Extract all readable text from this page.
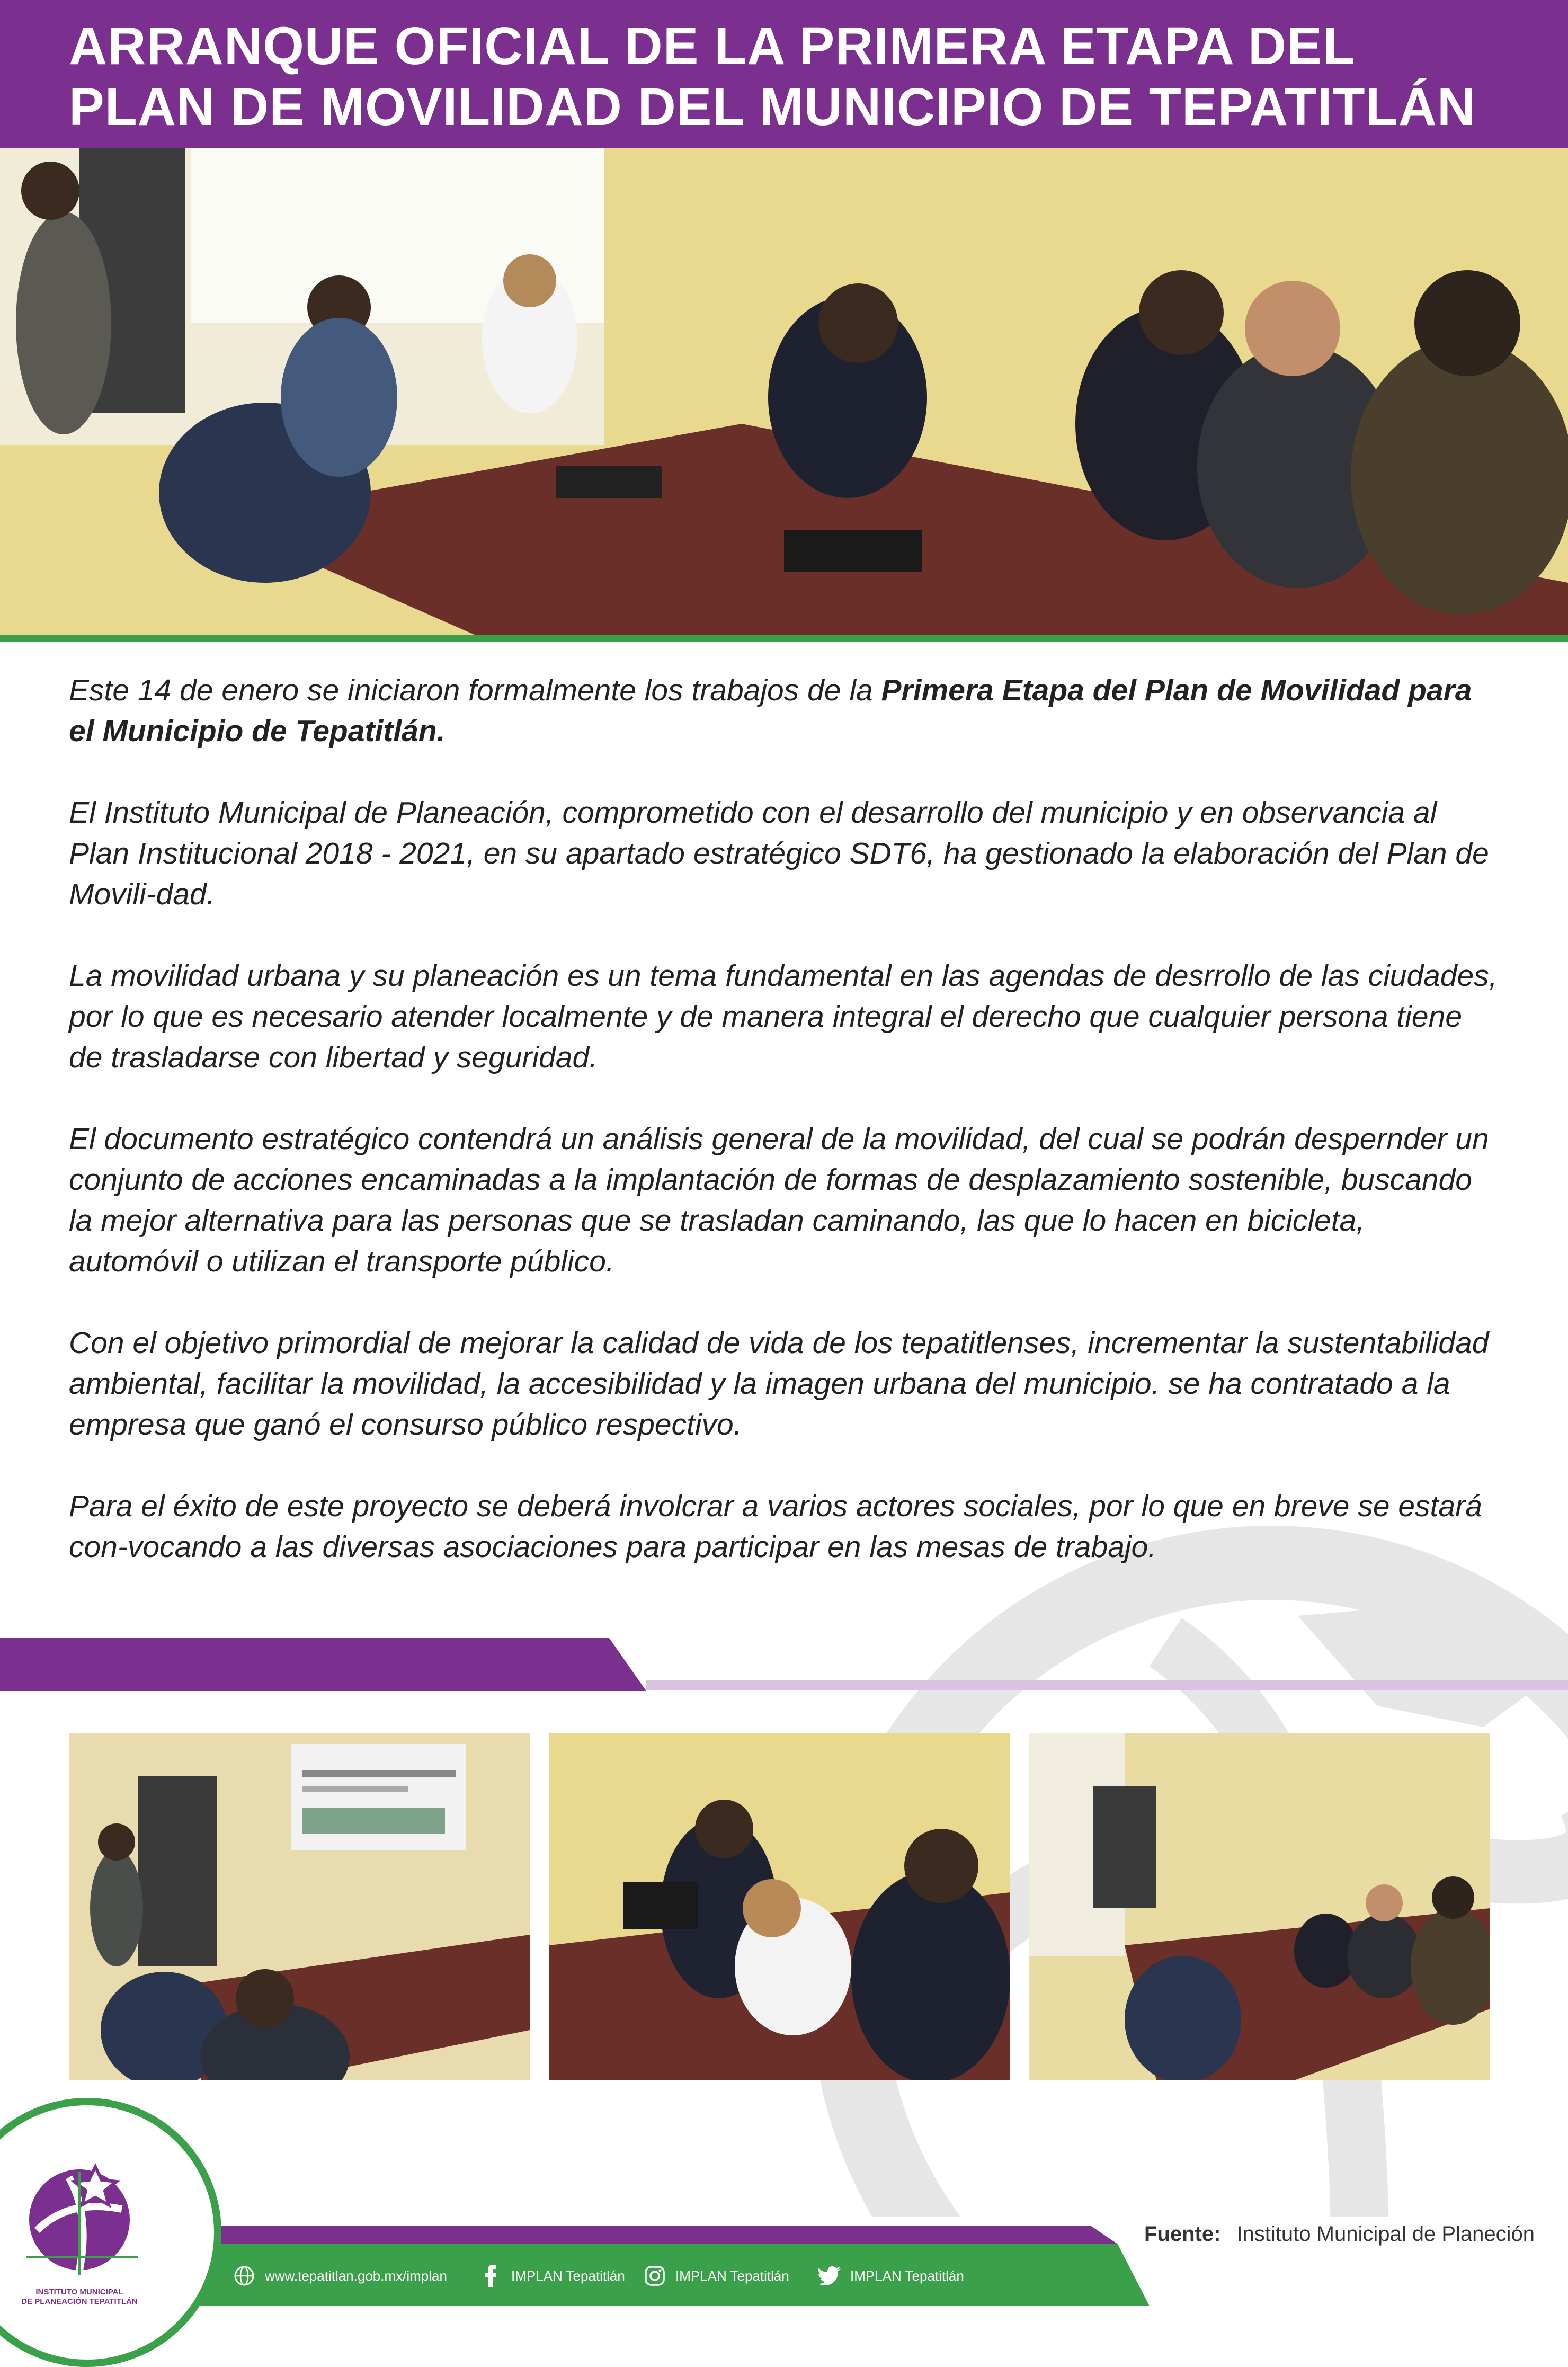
ARRANQUE OFICIAL DE LA PRIMERA ETAPA DEL
PLAN DE MOVILIDAD DEL MUNICIPIO DE TEPATITLÁN

Este 14 de enero se iniciaron formalmente los trabajos de la Primera Etapa del Plan de Movilidad para el Municipio de Tepatitlán.

El Instituto Municipal de Planeación, comprometido con el desarrollo del municipio y en observancia al Plan Institucional 2018 - 2021, en su apartado estratégico SDT6, ha gestionado la elaboración del Plan de Movili-dad.

La movilidad urbana y su planeación es un tema fundamental en las agendas de desrrollo de las ciudades, por lo que es necesario atender localmente y de manera integral el derecho que cualquier persona tiene de trasladarse con libertad y seguridad.

El documento estratégico contendrá un análisis general de la movilidad, del cual se podrán despernder un conjunto de acciones encaminadas a la implantación de formas de desplazamiento sostenible, buscando la mejor alternativa para las personas que se trasladan caminando, las que lo hacen en bicicleta, automóvil o utilizan el transporte público.

Con el objetivo primordial de mejorar la calidad de vida de los tepatitlenses, incrementar la sustentabilidad ambiental, facilitar la movilidad, la accesibilidad y la imagen urbana del municipio. se ha contratado a la empresa que ganó el consurso público respectivo.

Para el éxito de este proyecto se deberá involcrar a varios actores sociales, por lo que en breve se estará con-vocando a las diversas asociaciones para participar en las mesas de trabajo.

www.tepatitlan.gob.mx/implan	IMPLAN Tepatitlán	IMPLAN Tepatitlán	IMPLAN Tepatitlán
Fuente: Instituto Municipal de Planeción
INSTITUTO MUNICIPAL
DE PLANEACIÓN TEPATITLÁN
